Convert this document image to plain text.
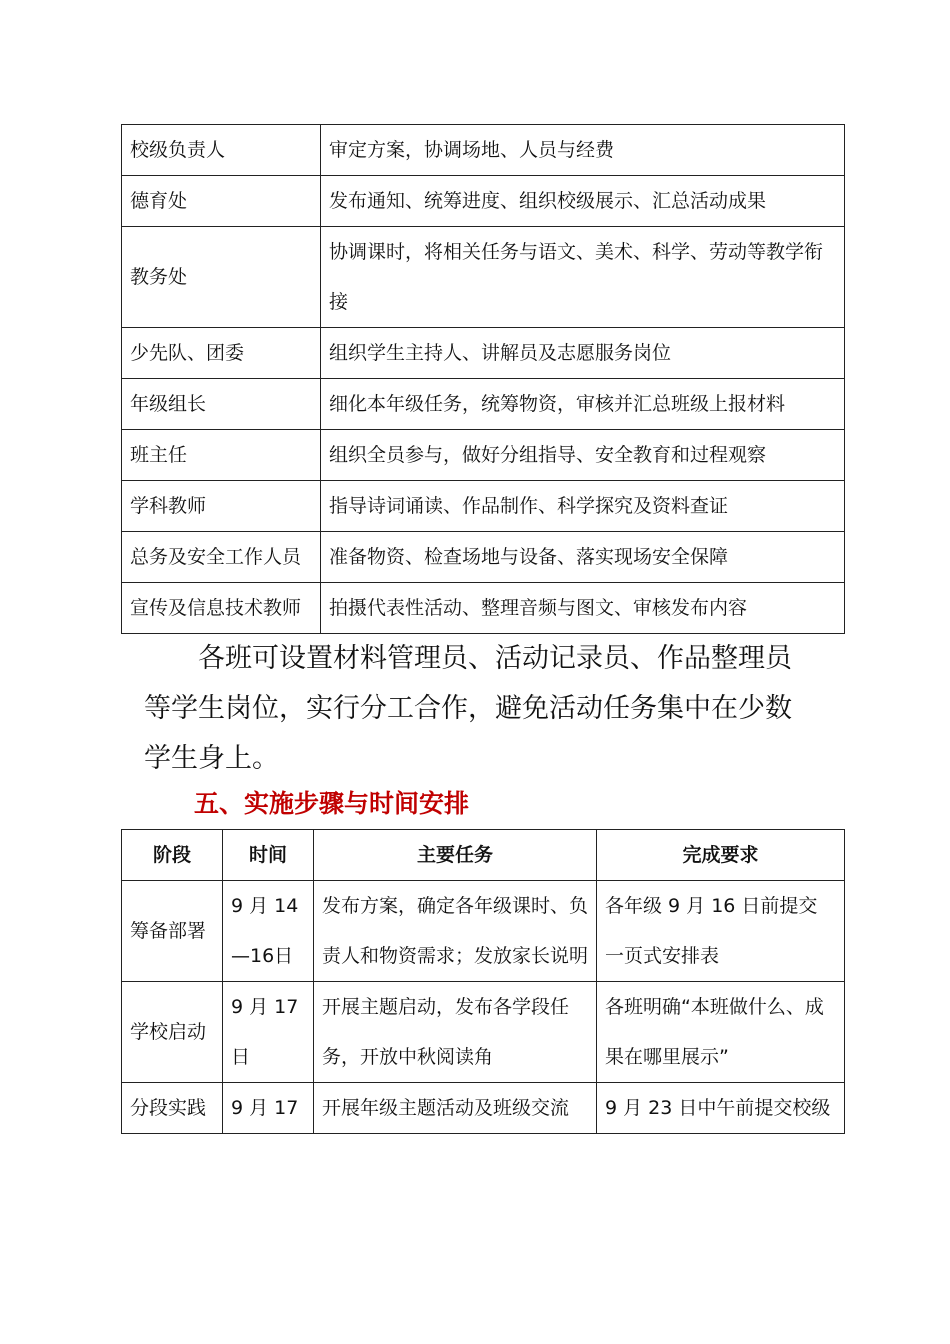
校级负责人	审定方案，协调场地、人员与经费
德育处	发布通知、统筹进度、组织校级展示、汇总活动成果
教务处	协调课时，将相关任务与语文、美术、科学、劳动等教学衔接
少先队、团委	组织学生主持人、讲解员及志愿服务岗位
年级组长	细化本年级任务，统筹物资，审核并汇总班级上报材料
班主任	组织全员参与，做好分组指导、安全教育和过程观察
学科教师	指导诗词诵读、作品制作、科学探究及资料查证
总务及安全工作人员	准备物资、检查场地与设备、落实现场安全保障
宣传及信息技术教师	拍摄代表性活动、整理音频与图文、审核发布内容
各班可设置材料管理员、活动记录员、作品整理员等学生岗位，实行分工合作，避免活动任务集中在少数学生身上。
五、实施步骤与时间安排
阶段	时间	主要任务	完成要求
筹备部署	9 月 14—16日	发布方案，确定各年级课时、负责人和物资需求；发放家长说明	各年级 9 月 16 日前提交一页式安排表
学校启动	9 月 17 日	开展主题启动，发布各学段任务，开放中秋阅读角	各班明确“本班做什么、成果在哪里展示”
分段实践	9 月 17	开展年级主题活动及班级交流	9 月 23 日中午前提交校级
